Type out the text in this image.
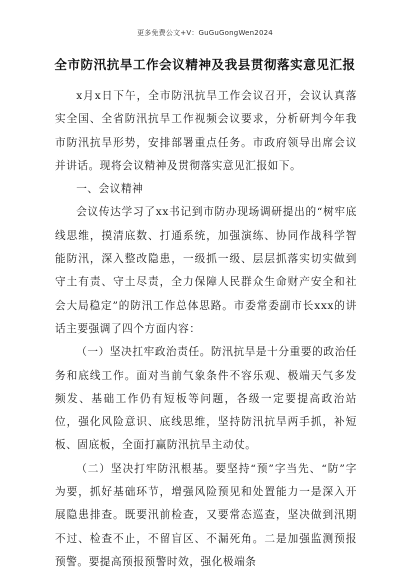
更多免费公文+V：GuGuGongWen2024
全市防汛抗旱工作会议精神及我县贯彻落实意见汇报

x月x日下午，全市防汛抗旱工作会议召开，会议认真落实全国、全省防汛抗旱工作视频会议要求，分析研判今年我市防汛抗旱形势，安排部署重点任务。市政府领导出席会议并讲话。现将会议精神及贯彻落实意见汇报如下。

一、会议精神

会议传达学习了xx书记到市防办现场调研提出的“树牢底线思维，摸清底数、打通系统，加强演练、协同作战科学智能防汛，深入整改隐患，一级抓一级、层层抓落实切实做到守土有责、守土尽责，全力保障人民群众生命财产安全和社会大局稳定”的防汛工作总体思路。市委常委副市长xxx的讲话主要强调了四个方面内容：

（一）坚决扛牢政治责任。防汛抗旱是十分重要的政治任务和底线工作。面对当前气象条件不容乐观、极端天气多发频发、基础工作仍有短板等问题，各级一定要提高政治站位，强化风险意识、底线思维，坚持防汛抗旱两手抓，补短板、固底板，全面打赢防汛抗旱主动仗。

（二）坚决打牢防汛根基。要坚持“预”字当先、“防”字为要，抓好基础环节，增强风险预见和处置能力一是深入开展隐患排查。既要汛前检查，又要常态巡查，坚决做到汛期不过、检查不止，不留盲区、不漏死角。二是加强监测预报预警。要提高预报预警时效，强化极端条
